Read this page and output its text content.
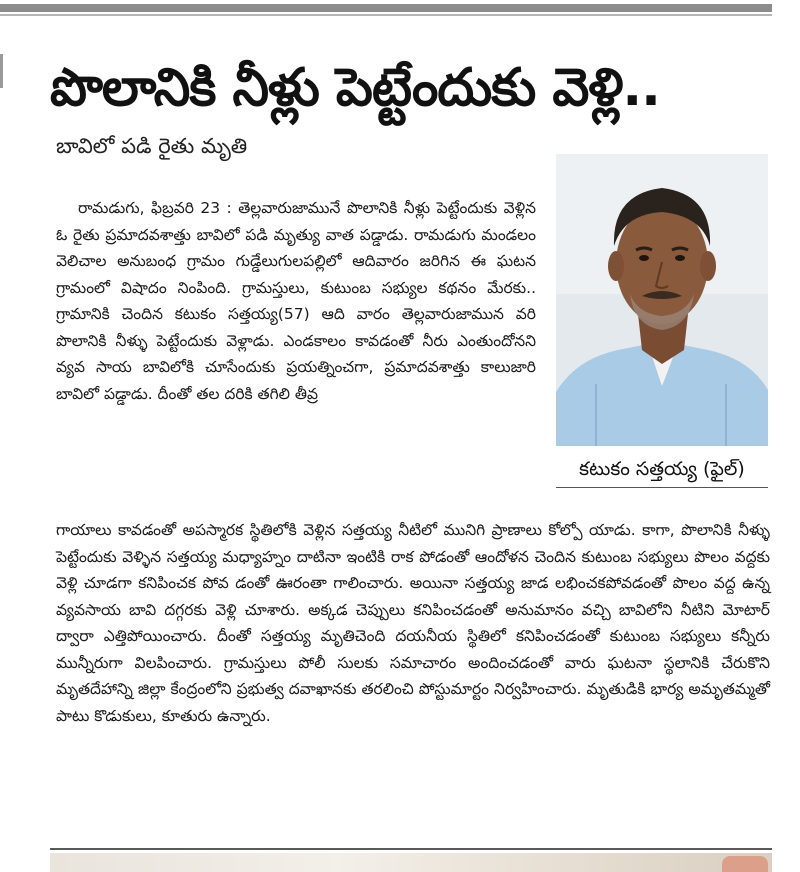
పొలానికి నీళ్లు పెట్టేందుకు వెళ్లి..
బావిలో పడి రైతు మృతి
కటుకం సత్తయ్య (ఫైల్)

రామడుగు, ఫిబ్రవరి 23 : తెల్లవారుజామునే పొలానికి నీళ్లు పెట్టేందుకు వెళ్లిన ఓ రైతు ప్రమాదవశాత్తు బావిలో పడి మృత్యు వాత పడ్డాడు. రామడుగు మండలం వెలిచాల అనుబంధ గ్రామం గుడ్డేలుగులపల్లిలో ఆదివారం జరిగిన ఈ ఘటన గ్రామంలో విషాదం నింపింది. గ్రామస్తులు, కుటుంబ సభ్యుల కథనం మేరకు.. గ్రామానికి చెందిన కటుకం సత్తయ్య(57) ఆది వారం తెల్లవారుజామున వరి పొలానికి నీళ్ళు పెట్టేందుకు వెళ్లాడు. ఎండకాలం కావడంతో నీరు ఎంతుందోనని వ్యవ సాయ బావిలోకి చూసేందుకు ప్రయత్నించగా, ప్రమాదవశాత్తు కాలుజారి బావిలో పడ్డాడు. దీంతో తల దరికి తగిలి తీవ్ర

గాయాలు కావడంతో అపస్మారక స్థితిలోకి వెళ్లిన సత్తయ్య నీటిలో మునిగి ప్రాణాలు కోల్పో యాడు. కాగా, పొలానికి నీళ్ళు పెట్టేందుకు వెళ్ళిన సత్తయ్య మధ్యాహ్నం దాటినా ఇంటికి రాక పోడంతో ఆందోళన చెందిన కుటుంబ సభ్యులు పొలం వద్దకు వెళ్లి చూడగా కనిపించక పోవ డంతో ఊరంతా గాలించారు. అయినా సత్తయ్య జాడ లభించకపోవడంతో పొలం వద్ద ఉన్న వ్యవసాయ బావి దగ్గరకు వెళ్లి చూశారు. అక్కడ చెప్పులు కనిపించడంతో అనుమానం వచ్చి బావిలోని నీటిని మోటార్ ద్వారా ఎత్తిపోయించారు. దీంతో సత్తయ్య మృతిచెంది దయనీయ స్థితిలో కనిపించడంతో కుటుంబ సభ్యులు కన్నీరు మున్నీరుగా విలపించారు. గ్రామస్తులు పోలీ సులకు సమాచారం అందించడంతో వారు ఘటనా స్థలానికి చేరుకొని మృతదేహాన్ని జిల్లా కేంద్రంలోని ప్రభుత్వ దవాఖానకు తరలించి పోస్టుమార్టం నిర్వహించారు. మృతుడికి భార్య అమృతమ్మతో పాటు కొడుకులు, కూతురు ఉన్నారు.
